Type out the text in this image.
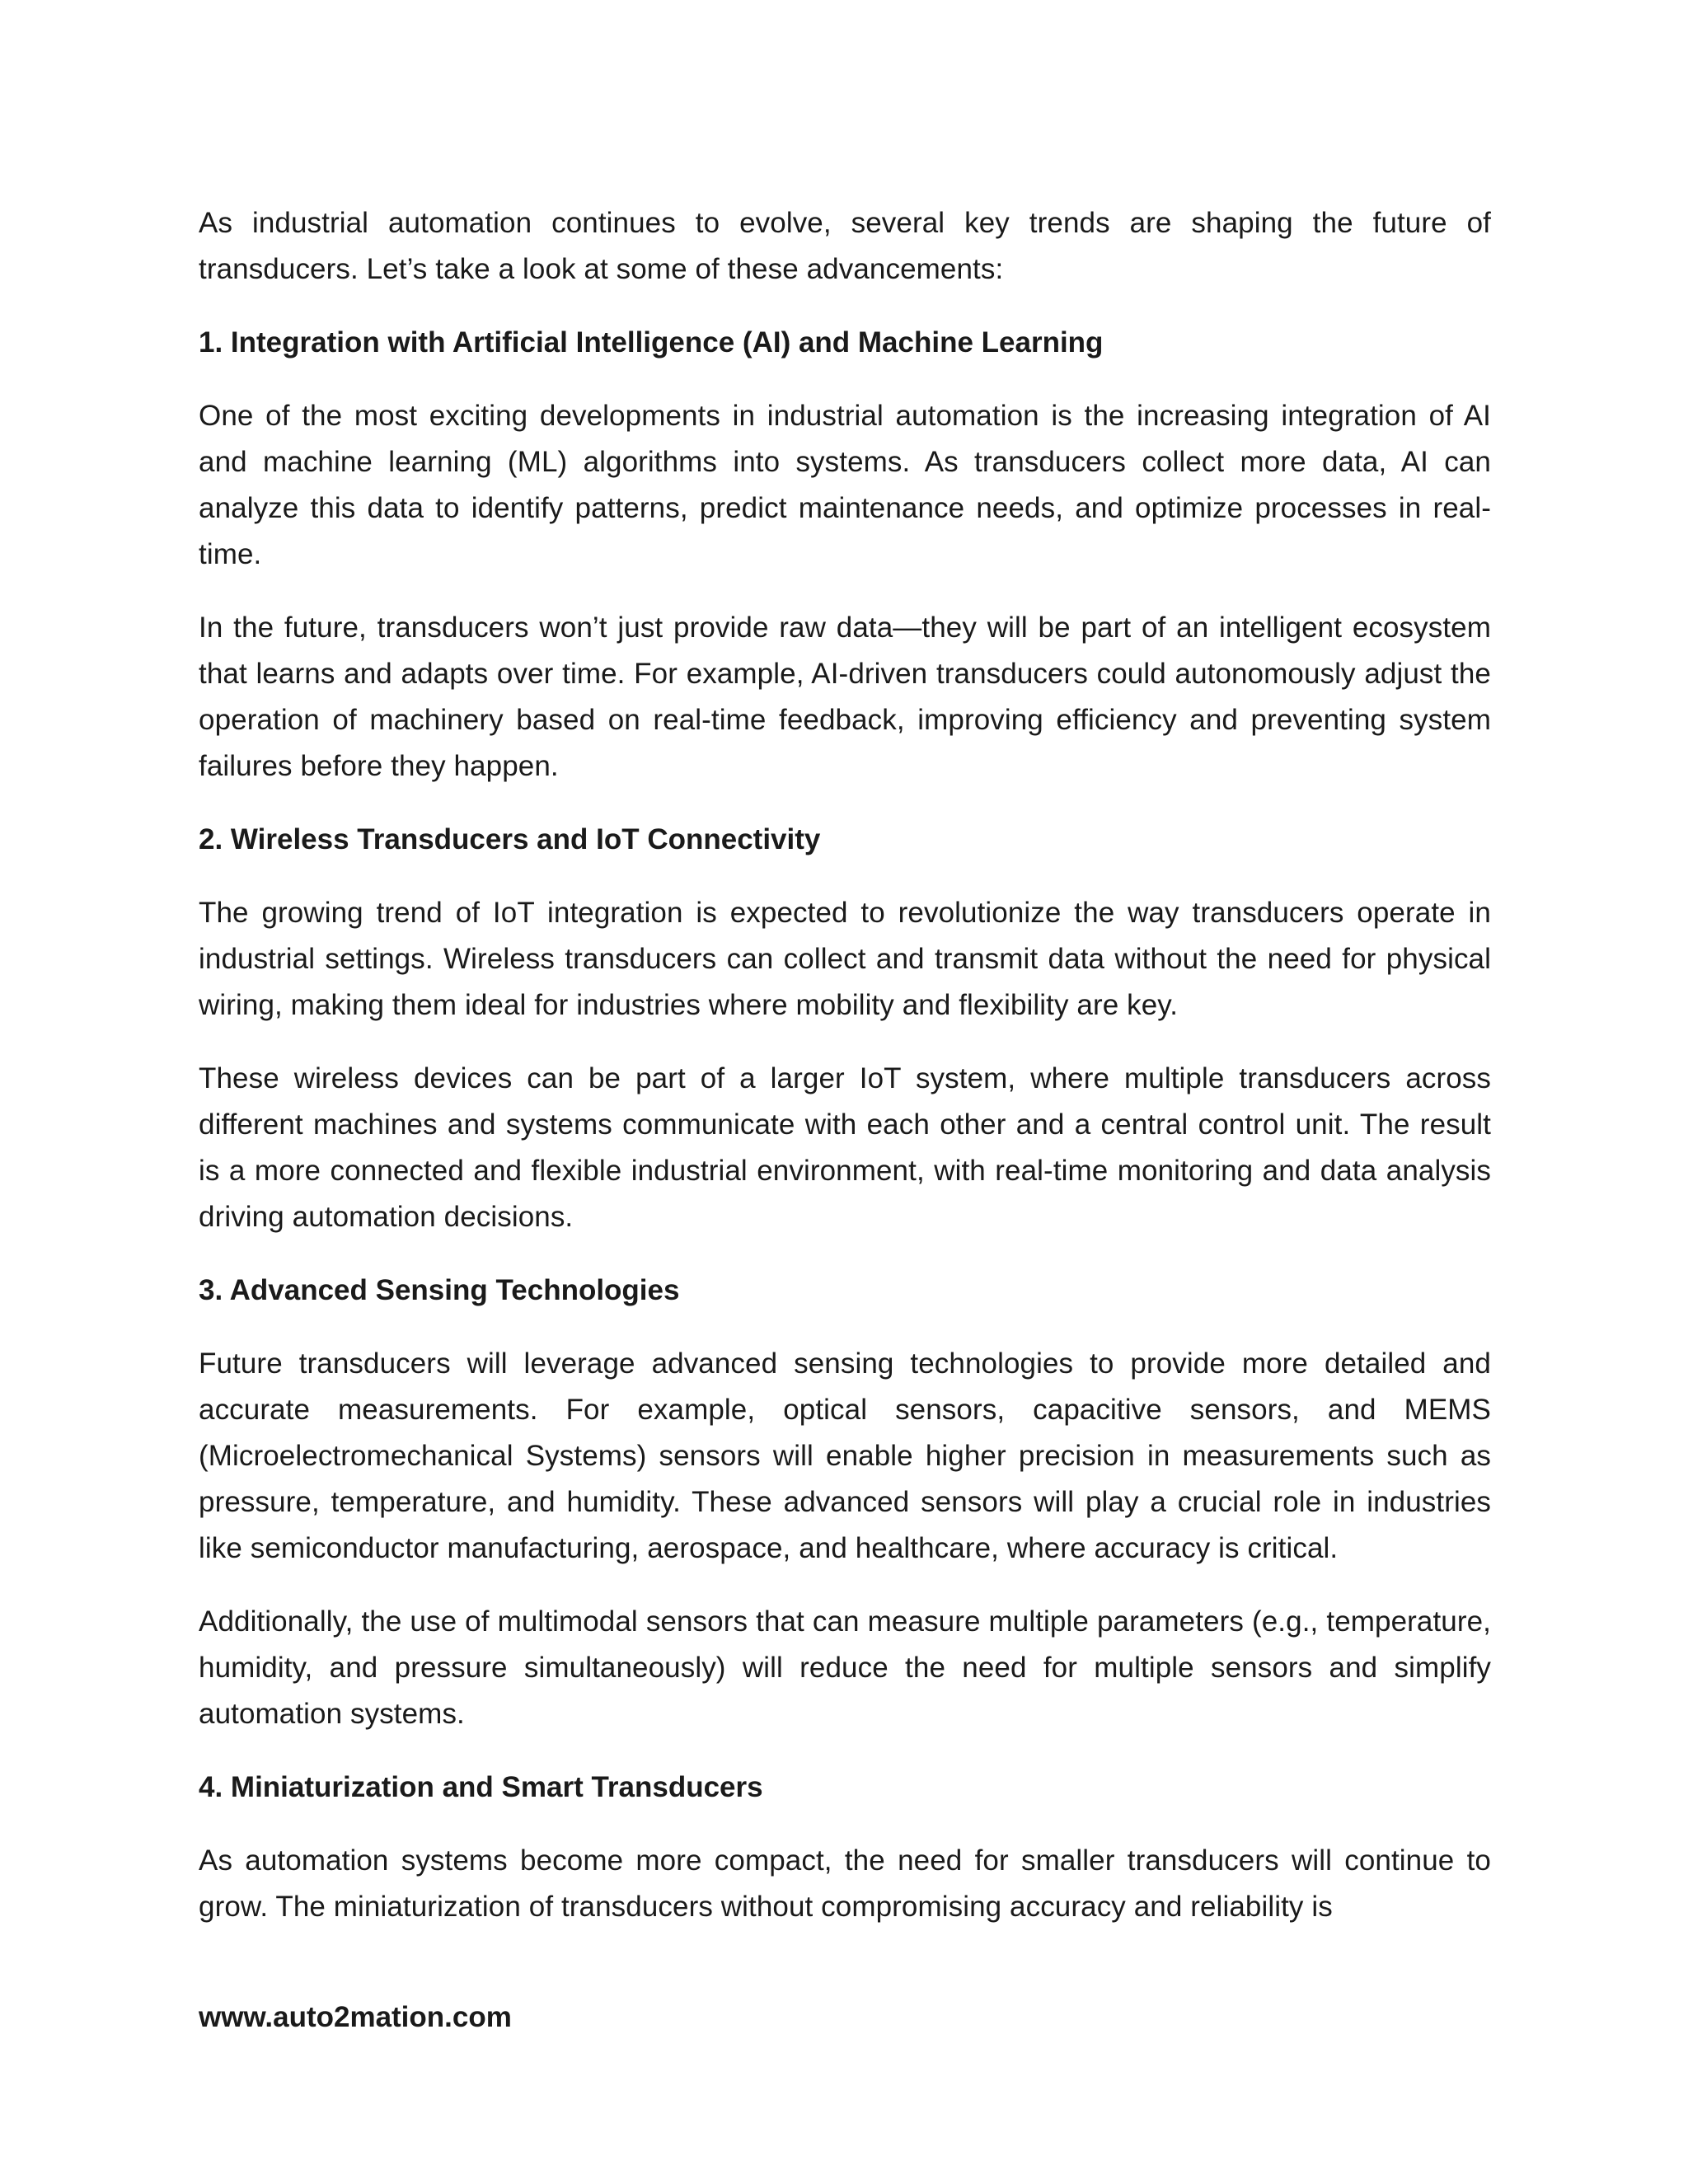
As industrial automation continues to evolve, several key trends are shaping the future of transducers. Let’s take a look at some of these advancements:

1. Integration with Artificial Intelligence (AI) and Machine Learning

One of the most exciting developments in industrial automation is the increasing integration of AI and machine learning (ML) algorithms into systems. As transducers collect more data, AI can analyze this data to identify patterns, predict maintenance needs, and optimize processes in real-time.

In the future, transducers won’t just provide raw data—they will be part of an intelligent ecosystem that learns and adapts over time. For example, AI-driven transducers could autonomously adjust the operation of machinery based on real-time feedback, improving efficiency and preventing system failures before they happen.

2. Wireless Transducers and IoT Connectivity

The growing trend of IoT integration is expected to revolutionize the way transducers operate in industrial settings. Wireless transducers can collect and transmit data without the need for physical wiring, making them ideal for industries where mobility and flexibility are key.

These wireless devices can be part of a larger IoT system, where multiple transducers across different machines and systems communicate with each other and a central control unit. The result is a more connected and flexible industrial environment, with real-time monitoring and data analysis driving automation decisions.

3. Advanced Sensing Technologies

Future transducers will leverage advanced sensing technologies to provide more detailed and accurate measurements. For example, optical sensors, capacitive sensors, and MEMS (Microelectromechanical Systems) sensors will enable higher precision in measurements such as pressure, temperature, and humidity. These advanced sensors will play a crucial role in industries like semiconductor manufacturing, aerospace, and healthcare, where accuracy is critical.

Additionally, the use of multimodal sensors that can measure multiple parameters (e.g., temperature, humidity, and pressure simultaneously) will reduce the need for multiple sensors and simplify automation systems.

4. Miniaturization and Smart Transducers

As automation systems become more compact, the need for smaller transducers will continue to grow. The miniaturization of transducers without compromising accuracy and reliability is

www.auto2mation.com
